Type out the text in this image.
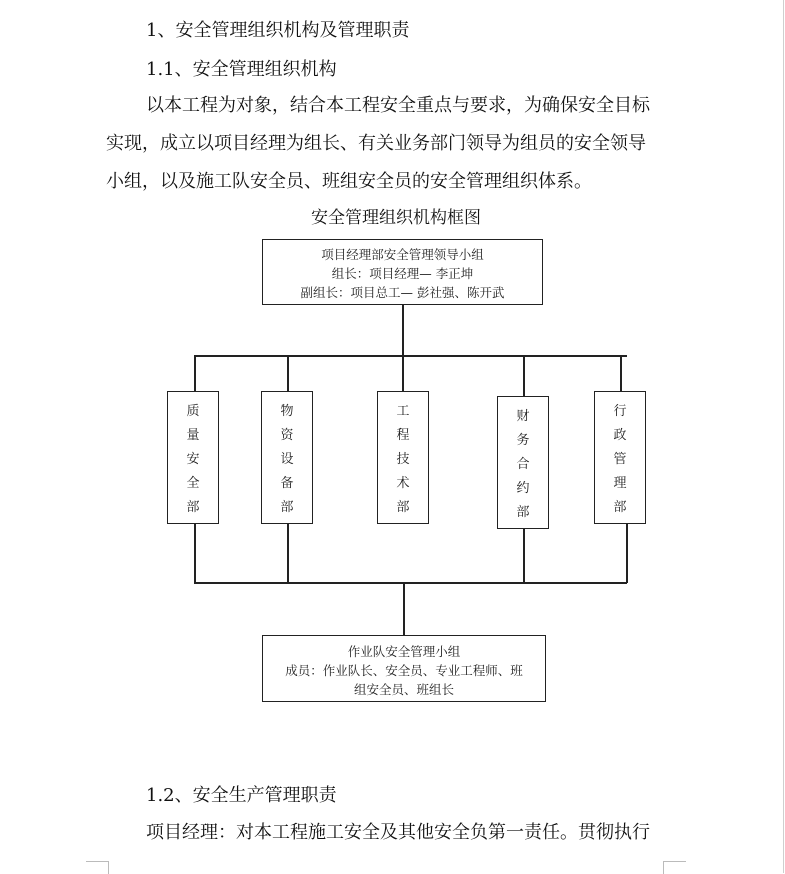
1、安全管理组织机构及管理职责
1.1、安全管理组织机构
以本工程为对象，结合本工程安全重点与要求，为确保安全目标
实现，成立以项目经理为组长、有关业务部门领导为组员的安全领导
小组，以及施工队安全员、班组安全员的安全管理组织体系。
安全管理组织机构框图
项目经理部安全管理领导小组
组长：项目经理— 李正坤
副组长：项目总工— 彭社强、陈开武
质
量
安
全
部
物
资
设
备
部
工
程
技
术
部
财
务
合
约
部
行
政
管
理
部
作业队安全管理小组
成员：作业队长、安全员、专业工程师、班
组安全员、班组长
1.2、安全生产管理职责
项目经理：对本工程施工安全及其他安全负第一责任。贯彻执行
